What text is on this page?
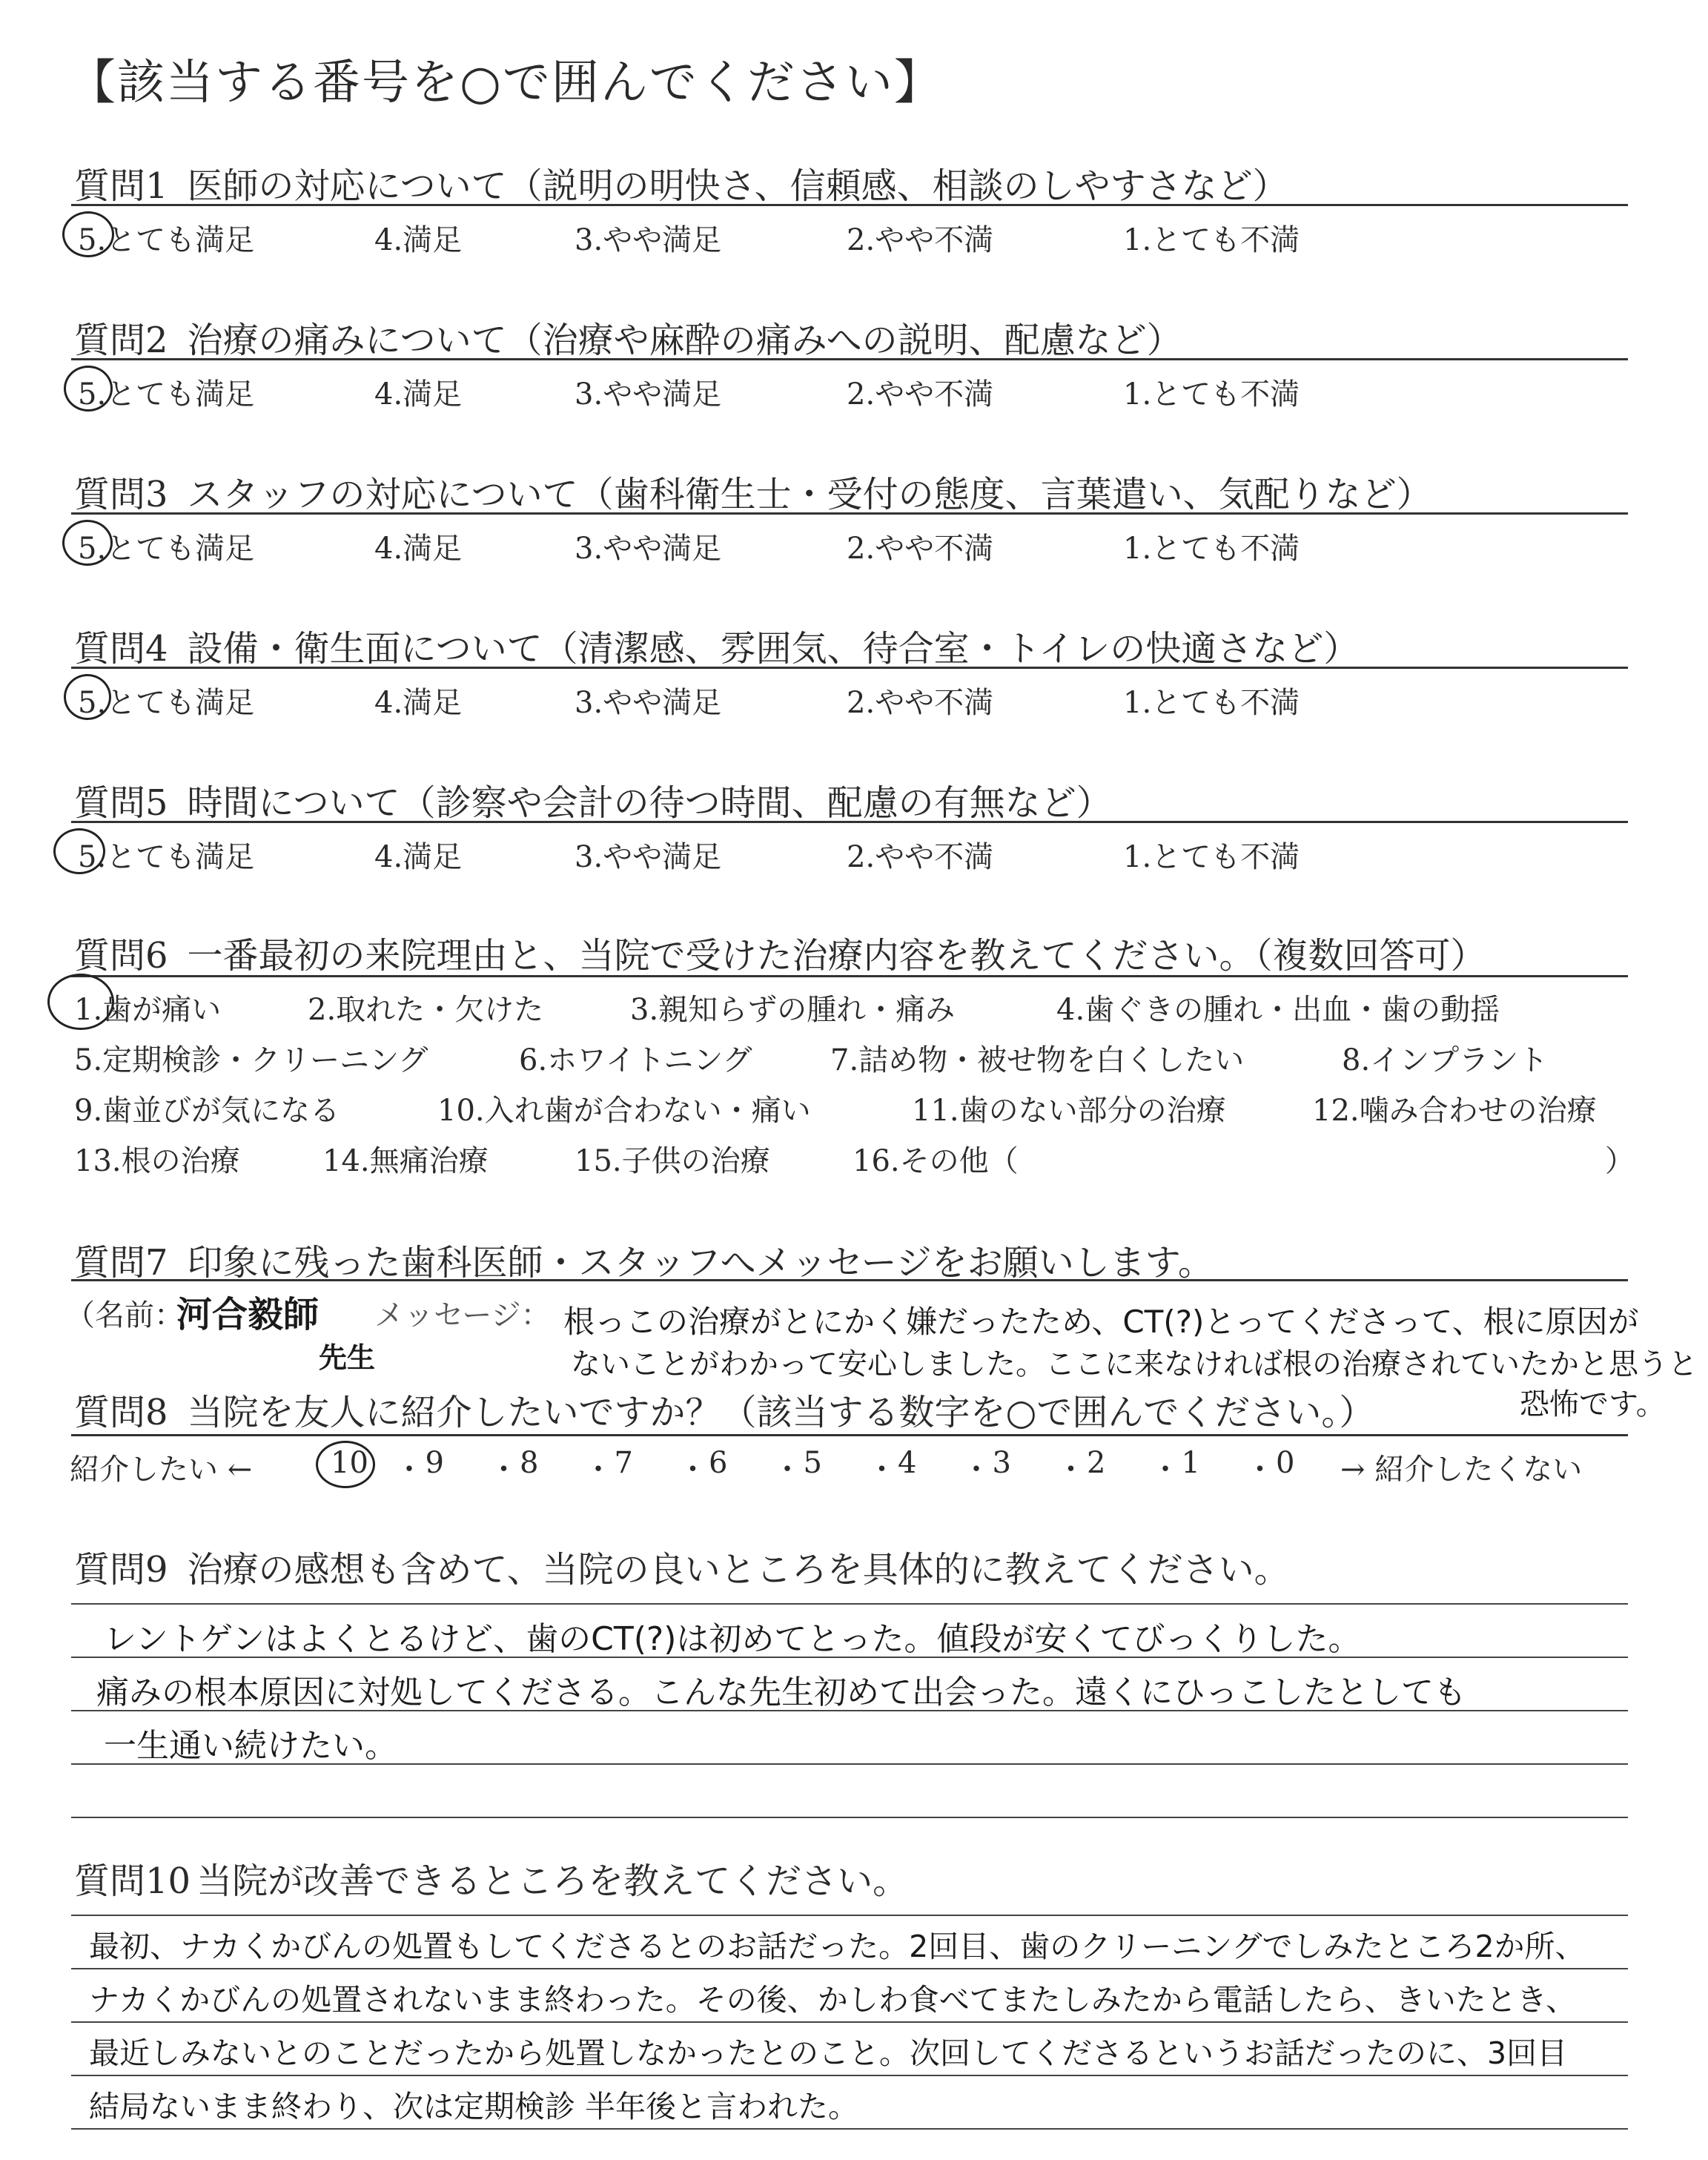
【該当する番号を○で囲んでください】
質問1 医師の対応について（説明の明快さ、信頼感、相談のしやすさなど）
5.とても満足	4.満足	3.やや満足	2.やや不満	1.とても不満
質問2 治療の痛みについて（治療や麻酔の痛みへの説明、配慮など）
5.とても満足	4.満足	3.やや満足	2.やや不満	1.とても不満
質問3 スタッフの対応について（歯科衛生士・受付の態度、言葉遣い、気配りなど）
5.とても満足	4.満足	3.やや満足	2.やや不満	1.とても不満
質問4 設備・衛生面について（清潔感、雰囲気、待合室・トイレの快適さなど）
5.とても満足	4.満足	3.やや満足	2.やや不満	1.とても不満
質問5 時間について（診察や会計の待つ時間、配慮の有無など）
5.とても満足	4.満足	3.やや満足	2.やや不満	1.とても不満
質問6 一番最初の来院理由と、当院で受けた治療内容を教えてください。（複数回答可）
1.歯が痛い	2.取れた・欠けた	3.親知らずの腫れ・痛み	4.歯ぐきの腫れ・出血・歯の動揺
5.定期検診・クリーニング	6.ホワイトニング	7.詰め物・被せ物を白くしたい	8.インプラント
9.歯並びが気になる	10.入れ歯が合わない・痛い	11.歯のない部分の治療	12.噛み合わせの治療
13.根の治療	14.無痛治療	15.子供の治療	16.その他（	）
質問7 印象に残った歯科医師・スタッフへメッセージをお願いします。
（名前：
河合毅師
先生
メッセージ： 根っこの治療がとにかく嫌だったため、CT(?)とってくださって、根に原因が
ないことがわかって安心しました。ここに来なければ根の治療されていたかと思うと
恐怖です。
質問8 当院を友人に紹介したいですか？（該当する数字を○で囲んでください。）
紹介したい ←	10 ・ 9 ・ 8 ・ 7 ・ 6 ・ 5 ・ 4 ・ 3 ・ 2 ・ 1 ・ 0 → 紹介したくない
質問9 治療の感想も含めて、当院の良いところを具体的に教えてください。
レントゲンはよくとるけど、歯のCT(?)は初めてとった。値段が安くてびっくりした。
痛みの根本原因に対処してくださる。こんな先生初めて出会った。遠くにひっこしたとしても
一生通い続けたい。
質問10 当院が改善できるところを教えてください。
最初、ナカくかびんの処置もしてくださるとのお話だった。2回目、歯のクリーニングでしみたところ2か所、
ナカくかびんの処置されないまま終わった。その後、かしわ食べてまたしみたから電話したら、きいたとき、
最近しみないとのことだったから処置しなかったとのこと。次回してくださるというお話だったのに、3回目
結局ないまま終わり、次は定期検診 半年後と言われた。
